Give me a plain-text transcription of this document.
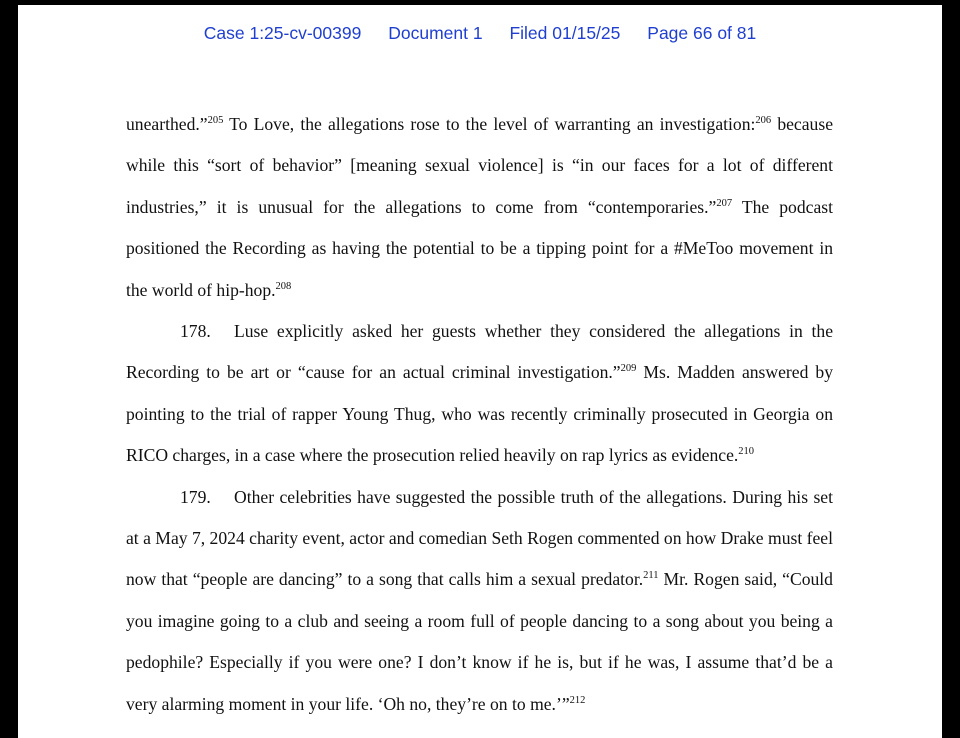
Case 1:25-cv-00399 Document 1 Filed 01/15/25 Page 66 of 81

unearthed.”$^{205}$ To Love, the allegations rose to the level of warranting an investigation:$^{206}$ because while this “sort of behavior” [meaning sexual violence] is “in our faces for a lot of different industries,” it is unusual for the allegations to come from “contemporaries.”$^{207}$ The podcast positioned the Recording as having the potential to be a tipping point for a #MeToo movement in the world of hip-hop.$^{208}$

178. Luse explicitly asked her guests whether they considered the allegations in the Recording to be art or “cause for an actual criminal investigation.”$^{209}$ Ms. Madden answered by pointing to the trial of rapper Young Thug, who was recently criminally prosecuted in Georgia on RICO charges, in a case where the prosecution relied heavily on rap lyrics as evidence.$^{210}$

179. Other celebrities have suggested the possible truth of the allegations. During his set at a May 7, 2024 charity event, actor and comedian Seth Rogen commented on how Drake must feel now that “people are dancing” to a song that calls him a sexual predator.$^{211}$ Mr. Rogen said, “Could you imagine going to a club and seeing a room full of people dancing to a song about you being a pedophile? Especially if you were one? I don’t know if he is, but if he was, I assume that’d be a very alarming moment in your life. ‘Oh no, they’re on to me.’”$^{212}$
